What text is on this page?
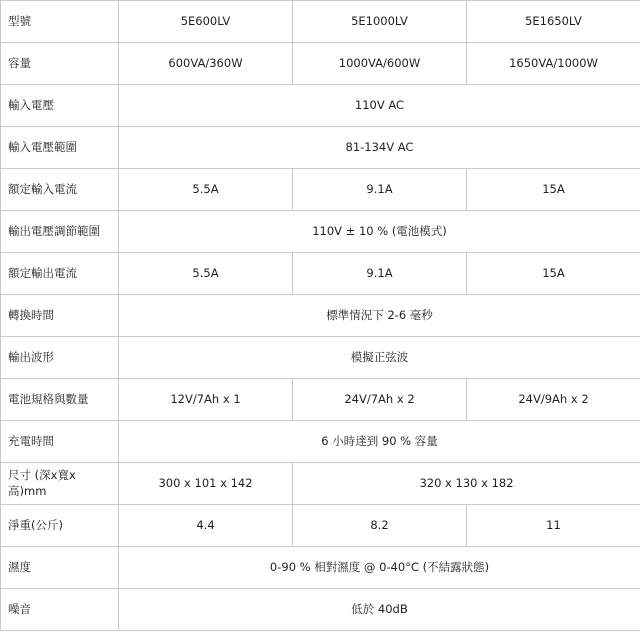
型號	5E600LV	5E1000LV	5E1650LV
容量	600VA/360W	1000VA/600W	1650VA/1000W
輸入電壓	110V AC		
輸入電壓範圍	81-134V AC		
額定輸入電流	5.5A	9.1A	15A
輸出電壓調節範圍	110V ± 10 % (電池模式)		
額定輸出電流	5.5A	9.1A	15A
轉換時間	標準情況下 2-6 毫秒		
輸出波形	模擬正弦波		
電池規格與數量	12V/7Ah x 1	24V/7Ah x 2	24V/9Ah x 2
充電時間	6 小時達到 90 % 容量		
尺寸 (深x寬x高)mm	300 x 101 x 142	320 x 130 x 182	
淨重(公斤)	4.4	8.2	11
濕度	0-90 % 相對濕度 @ 0-40°C (不結露狀態)		
噪音	低於 40dB		
